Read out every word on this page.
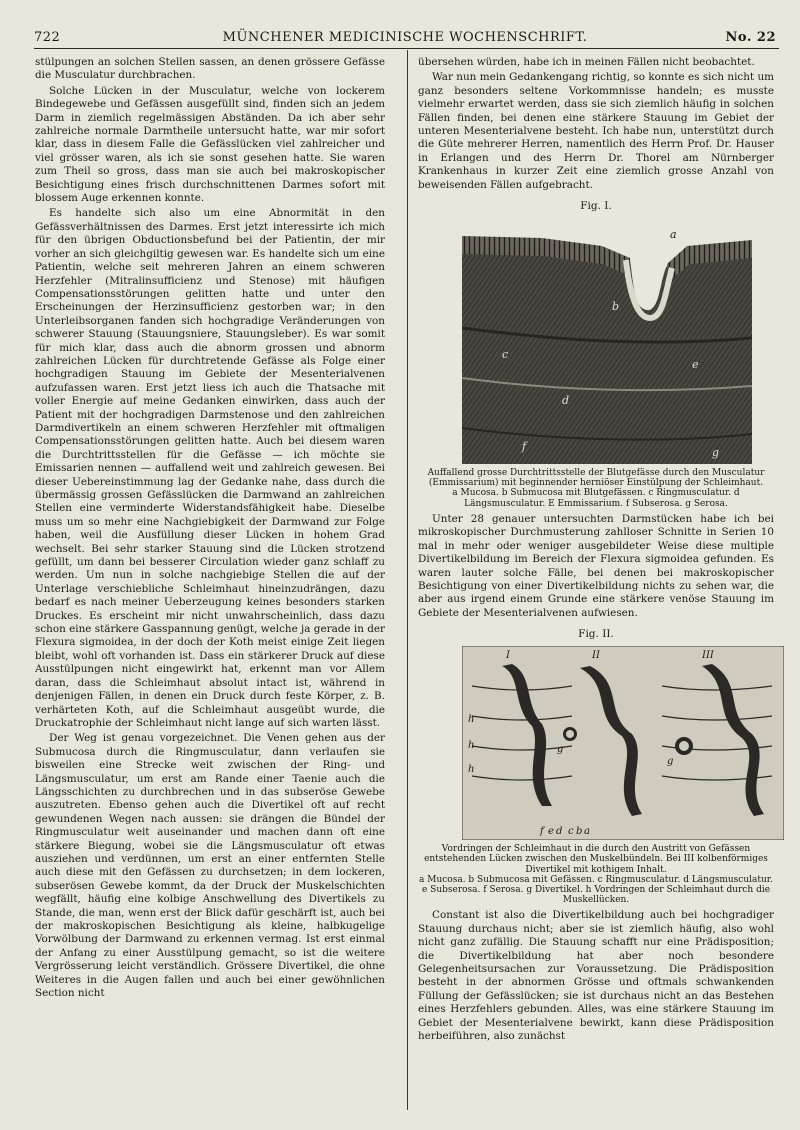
722	MÜNCHENER MEDICINISCHE WOCHENSCHRIFT.	No. 22

stülpungen an solchen Stellen sassen, an denen grössere Gefässe die Musculatur durchbrachen.

Solche Lücken in der Musculatur, welche von lockerem Bindegewebe und Gefässen ausgefüllt sind, finden sich an jedem Darm in ziemlich regelmässigen Abständen. Da ich aber sehr zahlreiche normale Darmtheile untersucht hatte, war mir sofort klar, dass in diesem Falle die Gefässlücken viel zahlreicher und viel grösser waren, als ich sie sonst gesehen hatte. Sie waren zum Theil so gross, dass man sie auch bei makroskopischer Besichtigung eines frisch durchschnittenen Darmes sofort mit blossem Auge erkennen konnte.

Es handelte sich also um eine Abnormität in den Gefässverhältnissen des Darmes. Erst jetzt interessirte ich mich für den übrigen Obductionsbefund bei der Patientin, der mir vorher an sich gleichgiltig gewesen war. Es handelte sich um eine Patientin, welche seit mehreren Jahren an einem schweren Herzfehler (Mitralinsufficienz und Stenose) mit häufigen Compensationsstörungen gelitten hatte und unter den Erscheinungen der Herzinsufficienz gestorben war; in den Unterleibsorganen fanden sich hochgradige Veränderungen von schwerer Stauung (Stauungsniere, Stauungsleber). Es war somit für mich klar, dass auch die abnorm grossen und abnorm zahlreichen Lücken für durchtretende Gefässe als Folge einer hochgradigen Stauung im Gebiete der Mesenterialvenen aufzufassen waren. Erst jetzt liess ich auch die Thatsache mit voller Energie auf meine Gedanken einwirken, dass auch der Patient mit der hochgradigen Darmstenose und den zahlreichen Darmdivertikeln an einem schweren Herzfehler mit oftmaligen Compensationsstörungen gelitten hatte. Auch bei diesem waren die Durchtrittsstellen für die Gefässe — ich möchte sie Emissarien nennen — auffallend weit und zahlreich gewesen. Bei dieser Uebereinstimmung lag der Gedanke nahe, dass durch die übermässig grossen Gefässlücken die Darmwand an zahlreichen Stellen eine verminderte Widerstandsfähigkeit habe. Dieselbe muss um so mehr eine Nachgiebigkeit der Darmwand zur Folge haben, weil die Ausfüllung dieser Lücken in hohem Grad wechselt. Bei sehr starker Stauung sind die Lücken strotzend gefüllt, um dann bei besserer Circulation wieder ganz schlaff zu werden. Um nun in solche nachgiebige Stellen die auf der Unterlage verschiebliche Schleimhaut hineinzudrängen, dazu bedarf es nach meiner Ueberzeugung keines besonders starken Druckes. Es erscheint mir nicht unwahrscheinlich, dass dazu schon eine stärkere Gasspannung genügt, welche ja gerade in der Flexura sigmoidea, in der doch der Koth meist einige Zeit liegen bleibt, wohl oft vorhanden ist. Dass ein stärkerer Druck auf diese Ausstülpungen nicht eingewirkt hat, erkennt man vor Allem daran, dass die Schleimhaut absolut intact ist, während in denjenigen Fällen, in denen ein Druck durch feste Körper, z. B. verhärteten Koth, auf die Schleimhaut ausgeübt wurde, die Druckatrophie der Schleimhaut nicht lange auf sich warten lässt.

Der Weg ist genau vorgezeichnet. Die Venen gehen aus der Submucosa durch die Ringmusculatur, dann verlaufen sie bisweilen eine Strecke weit zwischen der Ring- und Längsmusculatur, um erst am Rande einer Taenie auch die Längsschichten zu durchbrechen und in das subseröse Gewebe auszutreten. Ebenso gehen auch die Divertikel oft auf recht gewundenen Wegen nach aussen: sie drängen die Bündel der Ringmusculatur weit auseinander und machen dann oft eine stärkere Biegung, wobei sie die Längsmusculatur oft etwas ausziehen und verdünnen, um erst an einer entfernten Stelle auch diese mit den Gefässen zu durchsetzen; in dem lockeren, subserösen Gewebe kommt, da der Druck der Muskelschichten wegfällt, häufig eine kolbige Anschwellung des Divertikels zu Stande, die man, wenn erst der Blick dafür geschärft ist, auch bei der makroskopischen Besichtigung als kleine, halbkugelige Vorwölbung der Darmwand zu erkennen vermag. Ist erst einmal der Anfang zu einer Ausstülpung gemacht, so ist die weitere Vergrösserung leicht verständlich. Grössere Divertikel, die ohne Weiteres in die Augen fallen und auch bei einer gewöhnlichen Section nicht

übersehen würden, habe ich in meinen Fällen nicht beobachtet.

War nun mein Gedankengang richtig, so konnte es sich nicht um ganz besonders seltene Vorkommnisse handeln; es musste vielmehr erwartet werden, dass sie sich ziemlich häufig in solchen Fällen finden, bei denen eine stärkere Stauung im Gebiet der unteren Mesenterialvene besteht. Ich habe nun, unterstützt durch die Güte mehrerer Herren, namentlich des Herrn Prof. Dr. Hauser in Erlangen und des Herrn Dr. Thorel am Nürnberger Krankenhaus in kurzer Zeit eine ziemlich grosse Anzahl von beweisenden Fällen aufgebracht.

Fig. I.
a
b
c
d
e
f	g
Auffallend grosse Durchtrittsstelle der Blutgefässe durch den Musculatur (Emmissarium) mit beginnender herniöser Einstülpung der Schleimhaut.
a Mucosa. b Submucosa mit Blutgefässen. c Ringmusculatur. d Längsmusculatur. E Emmissarium. f Subserosa. g Serosa.

Unter 28 genauer untersuchten Darmstücken habe ich bei mikroskopischer Durchmusterung zahlloser Schnitte in Serien 10 mal in mehr oder weniger ausgebildeter Weise diese multiple Divertikelbildung im Bereich der Flexura sigmoidea gefunden. Es waren lauter solche Fälle, bei denen bei makroskopischer Besichtigung von einer Divertikelbildung nichts zu sehen war, die aber aus irgend einem Grunde eine stärkere venöse Stauung im Gebiete der Mesenterialvenen aufwiesen.

Fig. II.
I	II	III
h
h
h
g
g
f e d c b a
Vordringen der Schleimhaut in die durch den Austritt von Gefässen entstehenden Lücken zwischen den Muskelbündeln. Bei III kolbenförmiges Divertikel mit kothigem Inhalt.
a Mucosa. b Submucosa mit Gefässen. c Ringmusculatur. d Längsmusculatur. e Subserosa. f Serosa. g Divertikel. h Vordringen der Schleimhaut durch die Muskellücken.

Constant ist also die Divertikelbildung auch bei hochgradiger Stauung durchaus nicht; aber sie ist ziemlich häufig, also wohl nicht ganz zufällig. Die Stauung schafft nur eine Prädisposition; die Divertikelbildung hat aber noch besondere Gelegenheitsursachen zur Voraussetzung. Die Prädisposition besteht in der abnormen Grösse und oftmals schwankenden Füllung der Gefässlücken; sie ist durchaus nicht an das Bestehen eines Herzfehlers gebunden. Alles, was eine stärkere Stauung im Gebiet der Mesenterialvene bewirkt, kann diese Prädisposition herbeiführen, also zunächst
